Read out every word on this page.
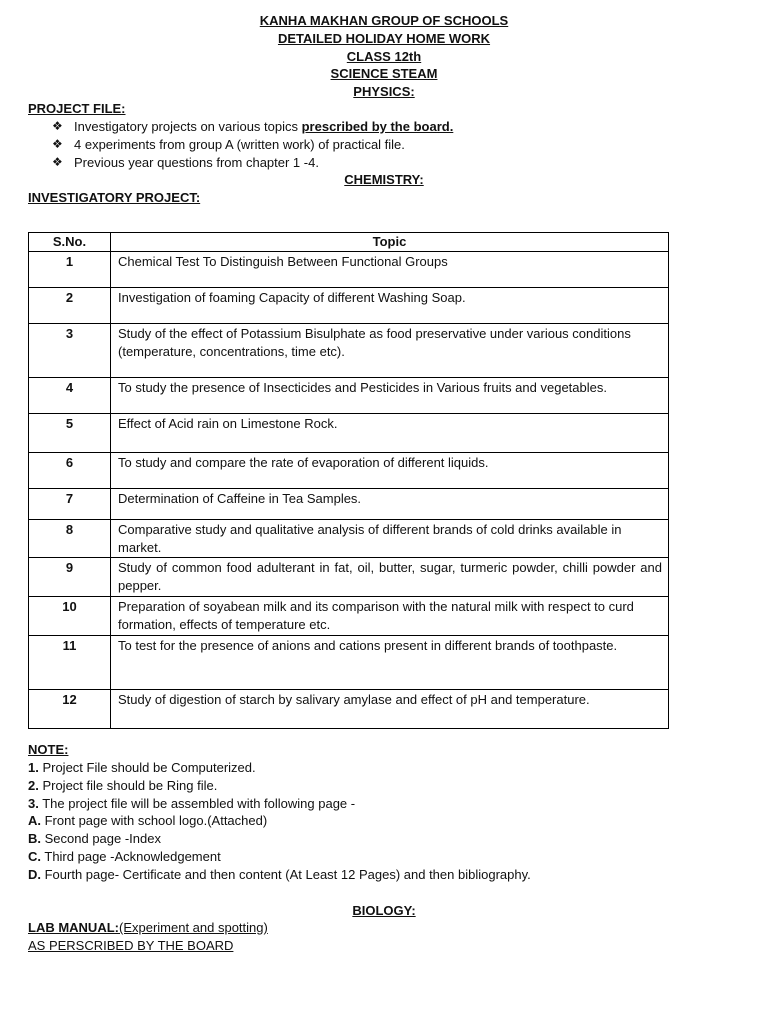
KANHA MAKHAN GROUP OF SCHOOLS
DETAILED HOLIDAY HOME WORK
CLASS 12th
SCIENCE STEAM
PHYSICS:
PROJECT FILE:
❖ Investigatory projects on various topics prescribed by the board.
❖ 4 experiments from group A (written work) of practical file.
❖ Previous year questions from chapter 1 -4.
CHEMISTRY:
INVESTIGATORY PROJECT:
S.No.	Topic
1	Chemical Test To Distinguish Between Functional Groups
2	Investigation of foaming Capacity of different Washing Soap.
3	Study of the effect of Potassium Bisulphate as food preservative under various conditions (temperature, concentrations, time etc).
4	To study the presence of Insecticides and Pesticides in Various fruits and vegetables.
5	Effect of Acid rain on Limestone Rock.
6	To study and compare the rate of evaporation of different liquids.
7	Determination of Caffeine in Tea Samples.
8	Comparative study and qualitative analysis of different brands of cold drinks available in market.
9	Study of common food adulterant in fat, oil, butter, sugar, turmeric powder, chilli powder and pepper.
10	Preparation of soyabean milk and its comparison with the natural milk with respect to curd formation, effects of temperature etc.
11	To test for the presence of anions and cations present in different brands of toothpaste.
12	Study of digestion of starch by salivary amylase and effect of pH and temperature.
NOTE:
1. Project File should be Computerized.
2. Project file should be Ring file.
3. The project file will be assembled with following page -
A. Front page with school logo.(Attached)
B. Second page -Index
C. Third page -Acknowledgement
D. Fourth page- Certificate and then content (At Least 12 Pages) and then bibliography.
BIOLOGY:
LAB MANUAL:(Experiment and spotting)
AS PERSCRIBED BY THE BOARD
